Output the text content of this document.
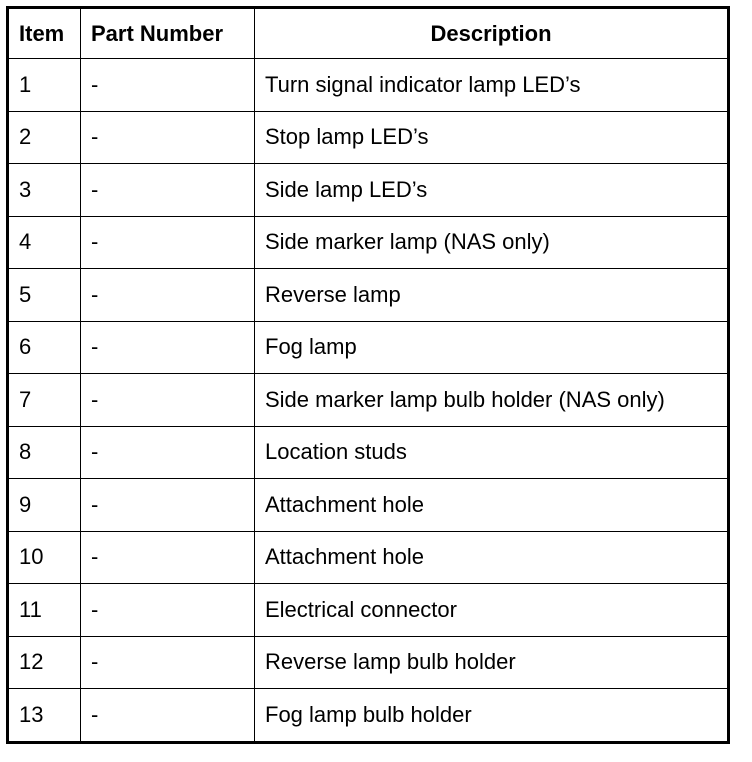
Item	Part Number	Description
1	-	Turn signal indicator lamp LED’s
2	-	Stop lamp LED’s
3	-	Side lamp LED’s
4	-	Side marker lamp (NAS only)
5	-	Reverse lamp
6	-	Fog lamp
7	-	Side marker lamp bulb holder (NAS only)
8	-	Location studs
9	-	Attachment hole
10	-	Attachment hole
11	-	Electrical connector
12	-	Reverse lamp bulb holder
13	-	Fog lamp bulb holder
